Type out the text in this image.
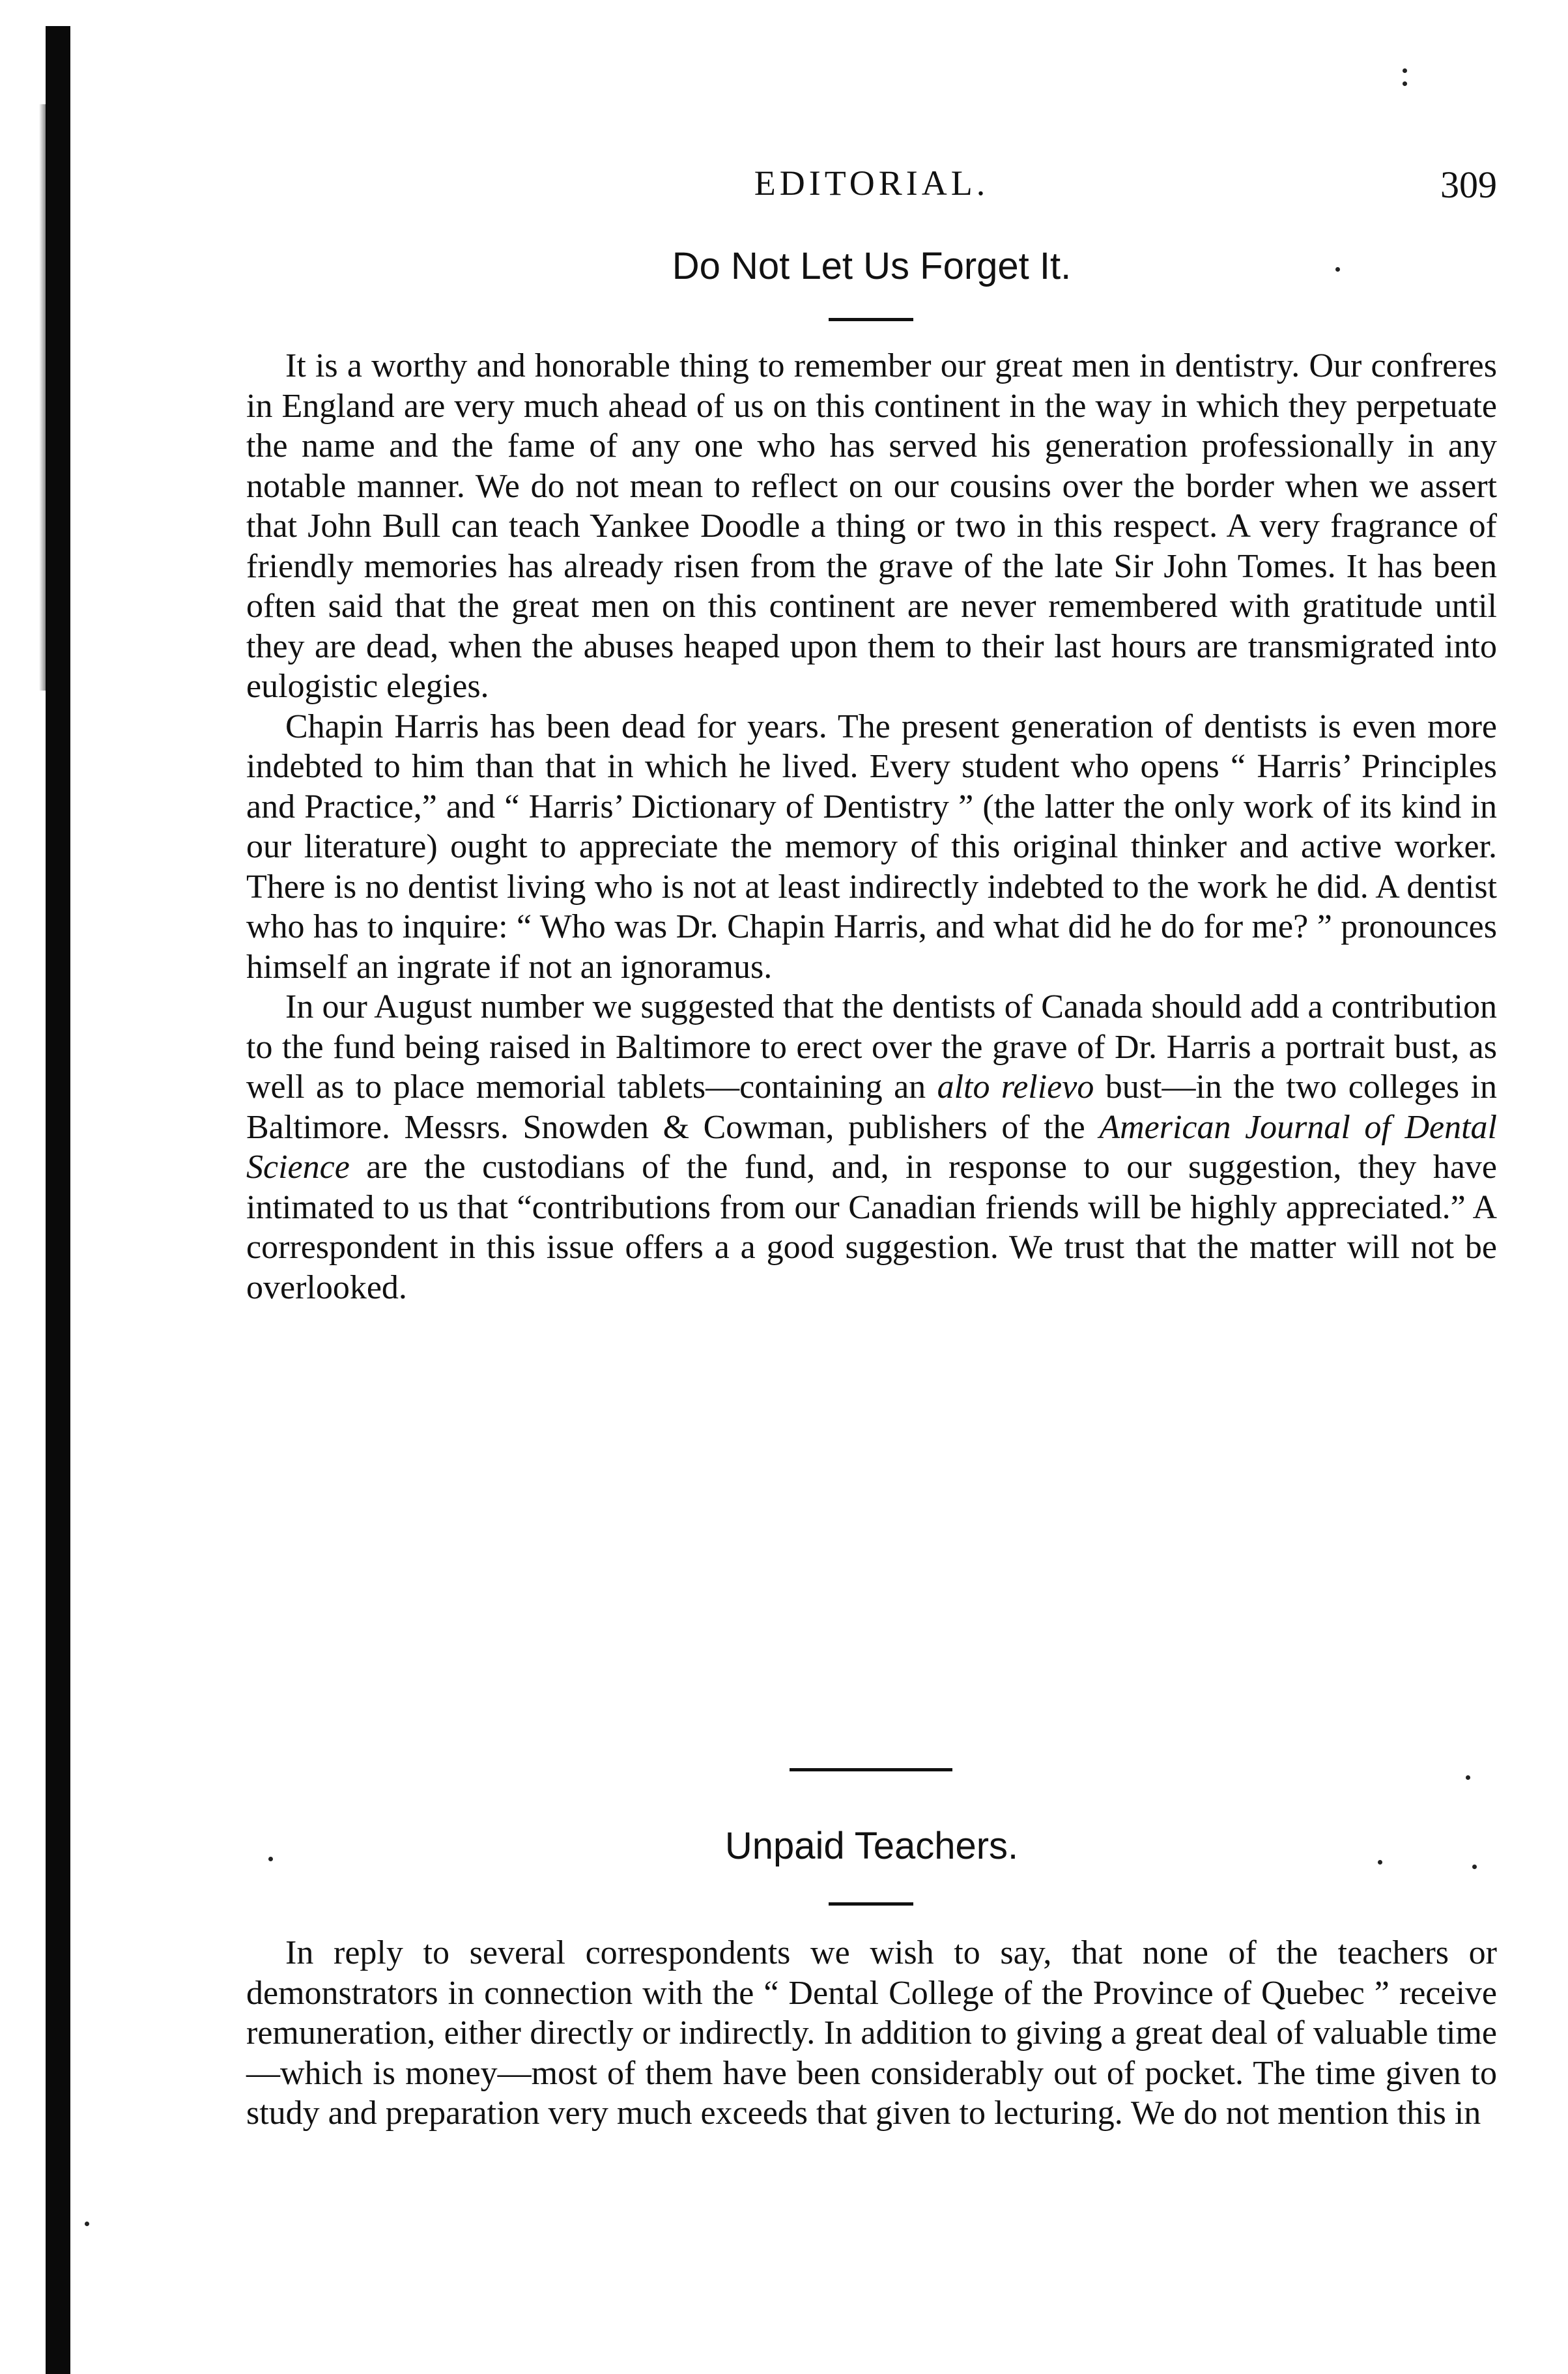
EDITORIAL.	309
Do Not Let Us Forget It.

It is a worthy and honorable thing to remember our great men in dentistry. Our confreres in England are very much ahead of us on this continent in the way in which they perpetuate the name and the fame of any one who has served his generation professionally in any notable manner. We do not mean to reflect on our cousins over the border when we assert that John Bull can teach Yankee Doodle a thing or two in this respect. A very fragrance of friendly memories has already risen from the grave of the late Sir John Tomes. It has been often said that the great men on this continent are never remembered with gratitude until they are dead, when the abuses heaped upon them to their last hours are transmigrated into eulogistic elegies.

Chapin Harris has been dead for years. The present generation of dentists is even more indebted to him than that in which he lived. Every student who opens “ Harris’ Principles and Practice,” and “ Harris’ Dictionary of Dentistry ” (the latter the only work of its kind in our literature) ought to appreciate the memory of this original thinker and active worker. There is no dentist living who is not at least indirectly indebted to the work he did. A dentist who has to inquire: “ Who was Dr. Chapin Harris, and what did he do for me? ” pronounces himself an ingrate if not an ignoramus.

In our August number we suggested that the dentists of Canada should add a contribution to the fund being raised in Baltimore to erect over the grave of Dr. Harris a portrait bust, as well as to place memorial tablets—containing an alto relievo bust—in the two colleges in Baltimore. Messrs. Snowden & Cowman, publishers of the American Journal of Dental Science are the custodians of the fund, and, in response to our suggestion, they have intimated to us that “contributions from our Canadian friends will be highly appreciated.” A correspondent in this issue offers a a good suggestion. We trust that the matter will not be overlooked.

Unpaid Teachers.

In reply to several correspondents we wish to say, that none of the teachers or demonstrators in connection with the “ Dental College of the Province of Quebec ” receive remuneration, either directly or indirectly. In addition to giving a great deal of valuable time—which is money—most of them have been considerably out of pocket. The time given to study and preparation very much exceeds that given to lecturing. We do not mention this in
